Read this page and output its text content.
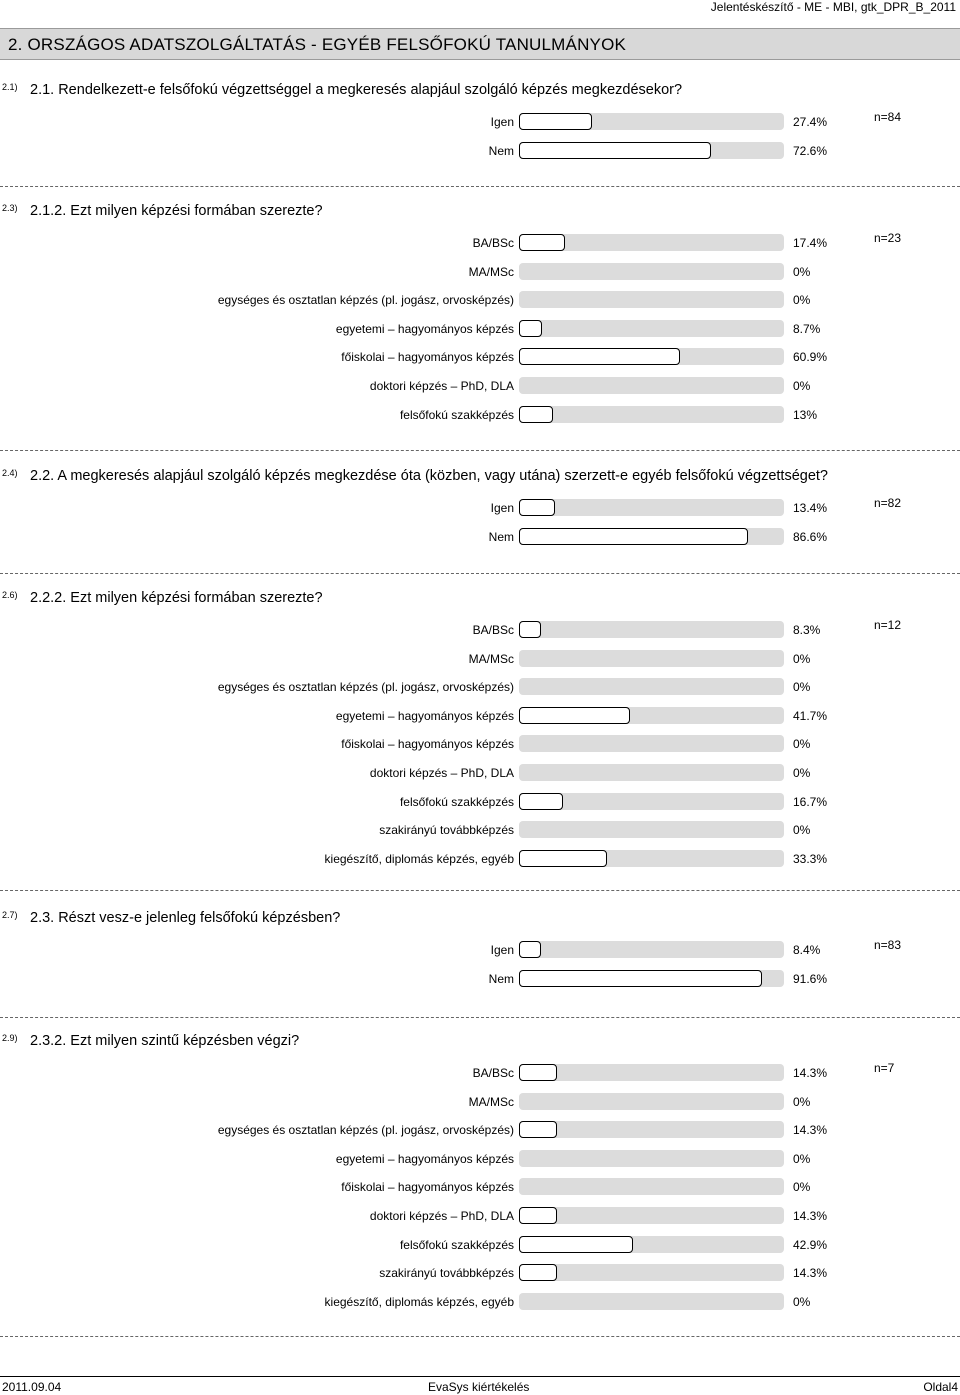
Jelentéskészítő - ME - MBI, gtk_DPR_B_2011
2. ORSZÁGOS ADATSZOLGÁLTATÁS - EGYÉB FELSŐFOKÚ TANULMÁNYOK
2.1) 2.1. Rendelkezett-e felsőfokú végzettséggel a megkeresés alapjául szolgáló képzés megkezdésekor?
n=84
Igen	27.4%
Nem	72.6%
2.3) 2.1.2. Ezt milyen képzési formában szerezte?
n=23
BA/BSc	17.4%
MA/MSc	0%
egységes és osztatlan képzés (pl. jogász, orvosképzés)	0%
egyetemi – hagyományos képzés	8.7%
főiskolai – hagyományos képzés	60.9%
doktori képzés – PhD, DLA	0%
felsőfokú szakképzés	13%
2.4) 2.2. A megkeresés alapjául szolgáló képzés megkezdése óta (közben, vagy utána) szerzett-e egyéb felsőfokú végzettséget?
n=82
Igen	13.4%
Nem	86.6%
2.6) 2.2.2. Ezt milyen képzési formában szerezte?
n=12
BA/BSc	8.3%
MA/MSc	0%
egységes és osztatlan képzés (pl. jogász, orvosképzés)	0%
egyetemi – hagyományos képzés	41.7%
főiskolai – hagyományos képzés	0%
doktori képzés – PhD, DLA	0%
felsőfokú szakképzés	16.7%
szakirányú továbbképzés	0%
kiegészítő, diplomás képzés, egyéb	33.3%
2.7) 2.3. Részt vesz-e jelenleg felsőfokú képzésben?
n=83
Igen	8.4%
Nem	91.6%
2.9) 2.3.2. Ezt milyen szintű képzésben végzi?
n=7
BA/BSc	14.3%
MA/MSc	0%
egységes és osztatlan képzés (pl. jogász, orvosképzés)	14.3%
egyetemi – hagyományos képzés	0%
főiskolai – hagyományos képzés	0%
doktori képzés – PhD, DLA	14.3%
felsőfokú szakképzés	42.9%
szakirányú továbbképzés	14.3%
kiegészítő, diplomás képzés, egyéb	0%
2011.09.04	EvaSys kiértékelés	Oldal4
